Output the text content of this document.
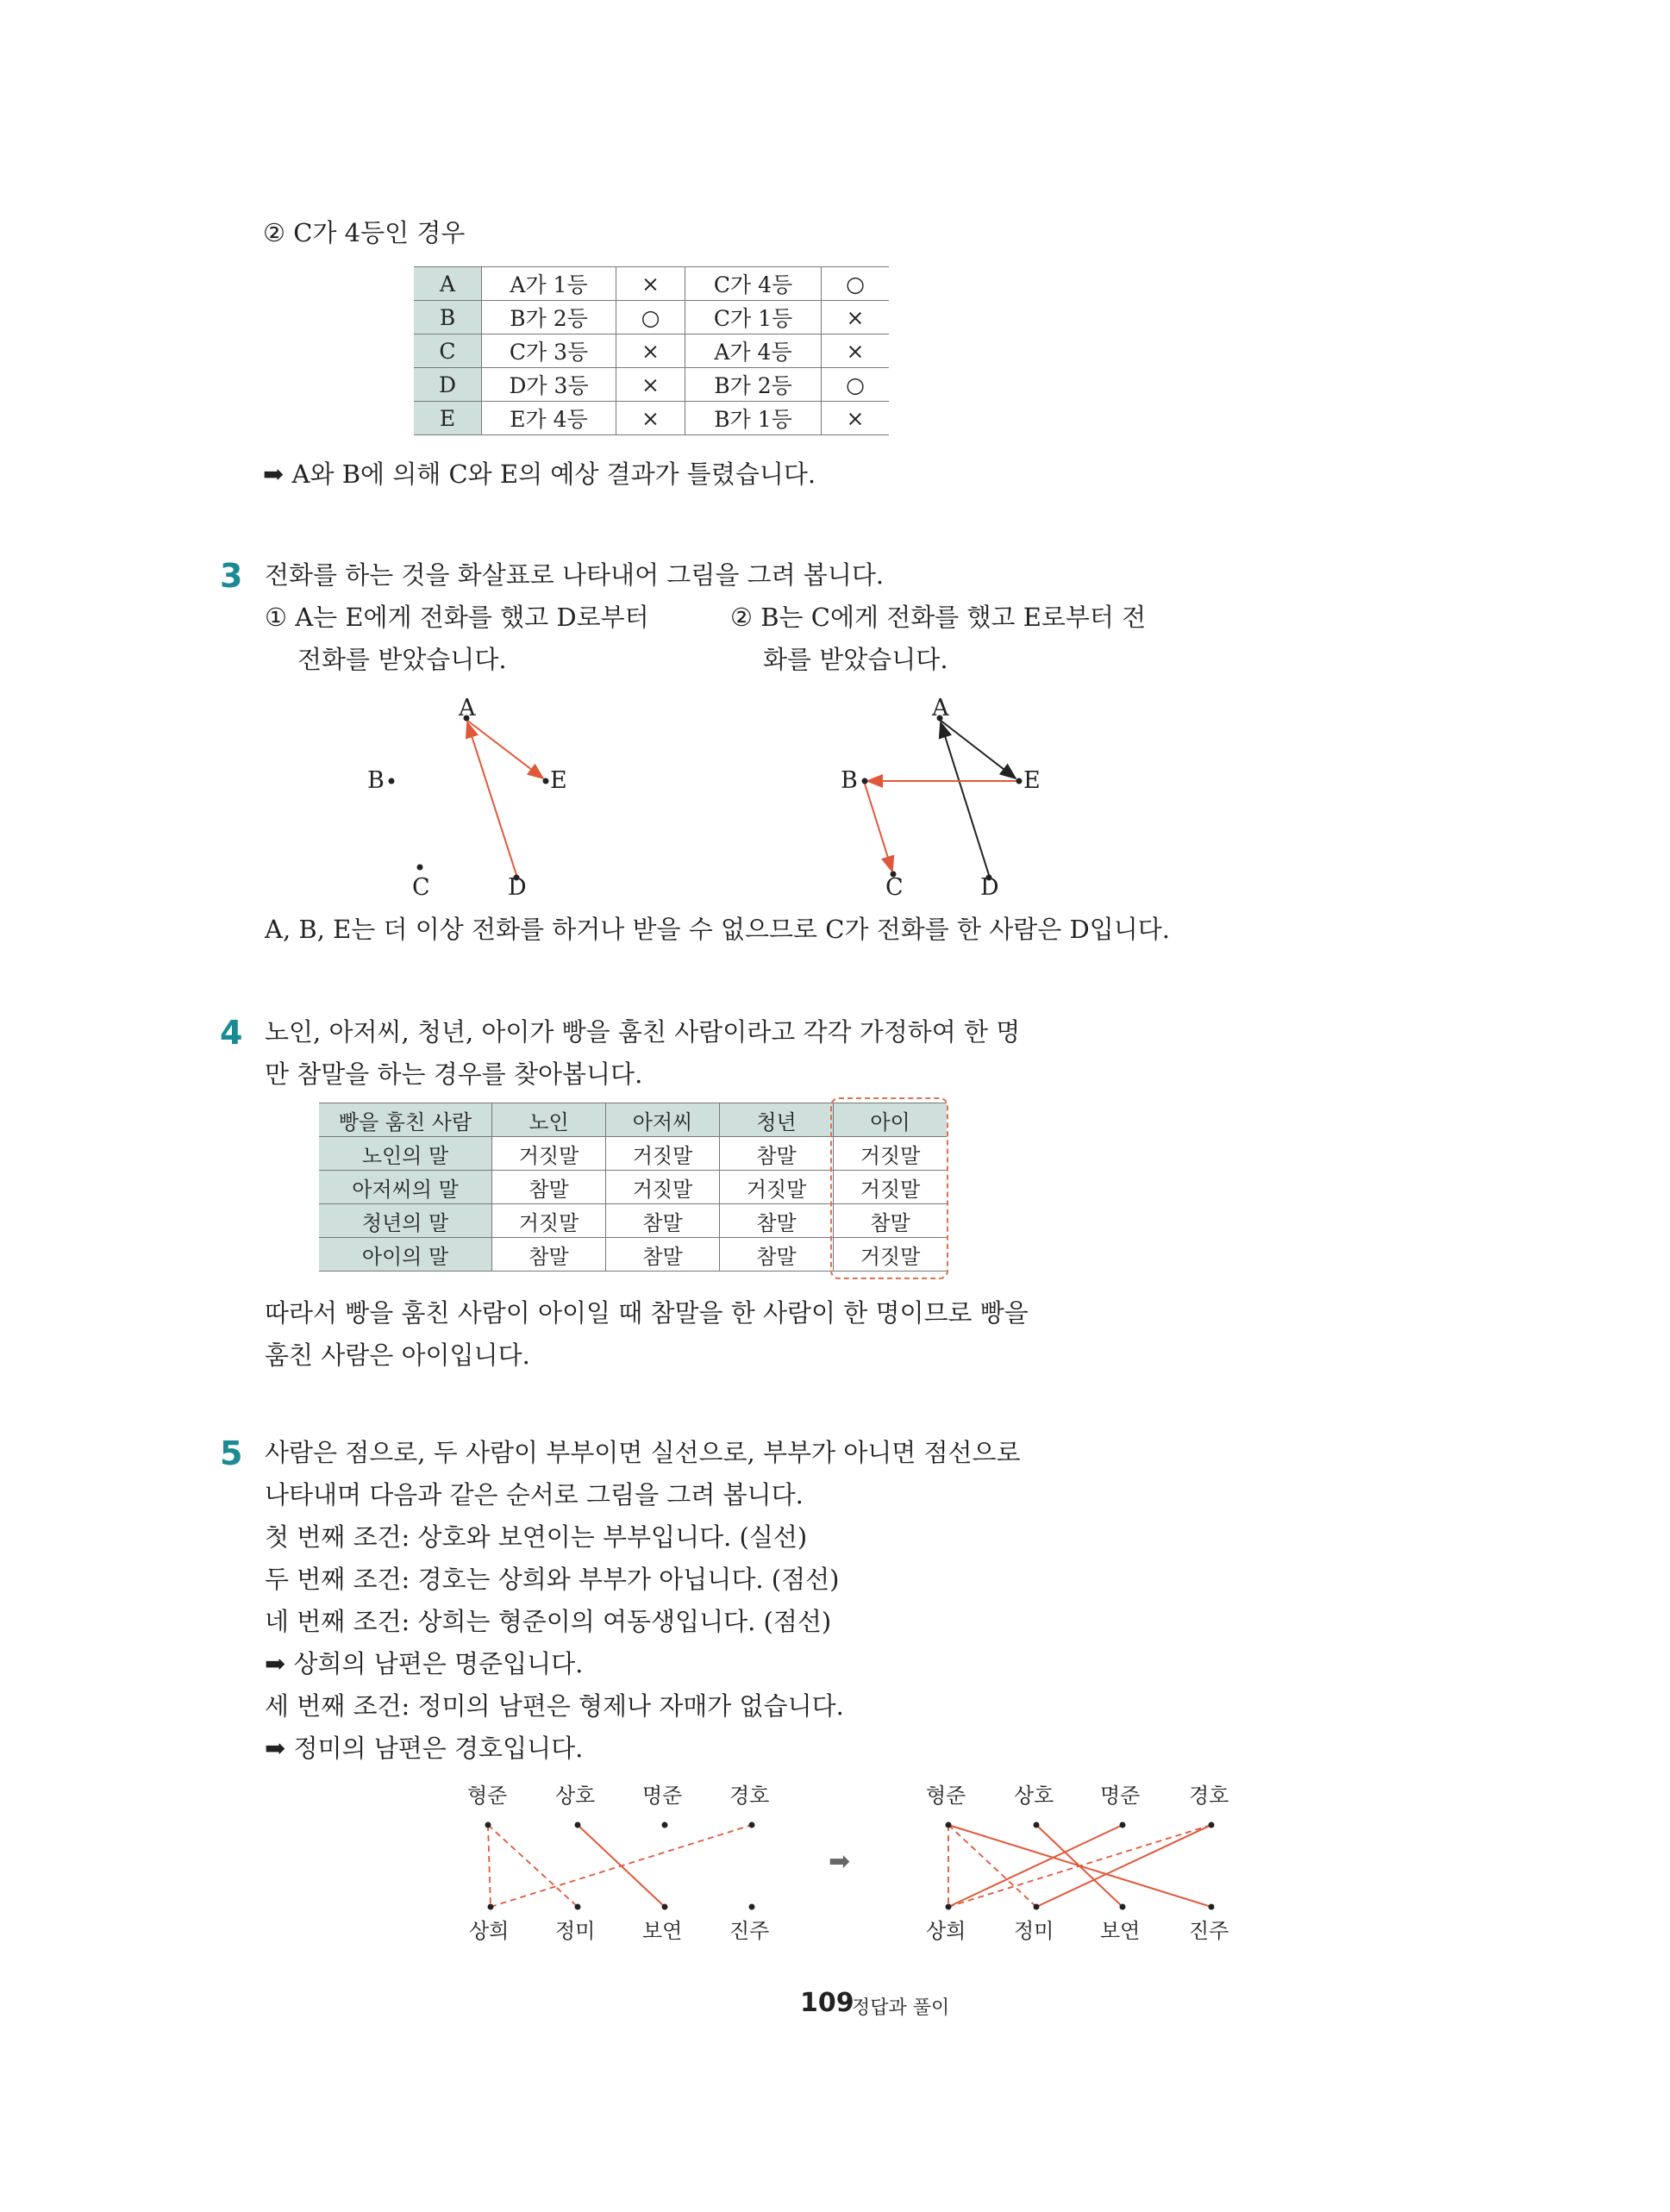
② C가 4등인 경우
A	A가 1등	×	C가 4등	○
B	B가 2등	○	C가 1등	×
C	C가 3등	×	A가 4등	×
D	D가 3등	×	B가 2등	○
E	E가 4등	×	B가 1등	×
➡ A와 B에 의해 C와 E의 예상 결과가 틀렸습니다.
3 전화를 하는 것을 화살표로 나타내어 그림을 그려 봅니다.
① A는 E에게 전화를 했고 D로부터
전화를 받았습니다.
② B는 C에게 전화를 했고 E로부터 전
화를 받았습니다.
A
B	E
C	D
A
B	E
C	D
A, B, E는 더 이상 전화를 하거나 받을 수 없으므로 C가 전화를 한 사람은 D입니다.
4 노인, 아저씨, 청년, 아이가 빵을 훔친 사람이라고 각각 가정하여 한 명
만 참말을 하는 경우를 찾아봅니다.
빵을 훔친 사람	노인	아저씨	청년	아이
노인의 말	거짓말	거짓말	참말	거짓말
아저씨의 말	참말	거짓말	거짓말	거짓말
청년의 말	거짓말	참말	참말	참말
아이의 말	참말	참말	참말	거짓말
따라서 빵을 훔친 사람이 아이일 때 참말을 한 사람이 한 명이므로 빵을
훔친 사람은 아이입니다.
5 사람은 점으로, 두 사람이 부부이면 실선으로, 부부가 아니면 점선으로
나타내며 다음과 같은 순서로 그림을 그려 봅니다.
첫 번째 조건: 상호와 보연이는 부부입니다. (실선)
두 번째 조건: 경호는 상희와 부부가 아닙니다. (점선)
네 번째 조건: 상희는 형준이의 여동생입니다. (점선)
➡ 상희의 남편은 명준입니다.
세 번째 조건: 정미의 남편은 형제나 자매가 없습니다.
➡ 정미의 남편은 경호입니다.
형준 상호 명준 경호
상희 정미 보연 진주
➡
형준 상호 명준 경호
상희 정미 보연 진주
109
정답과 풀이
